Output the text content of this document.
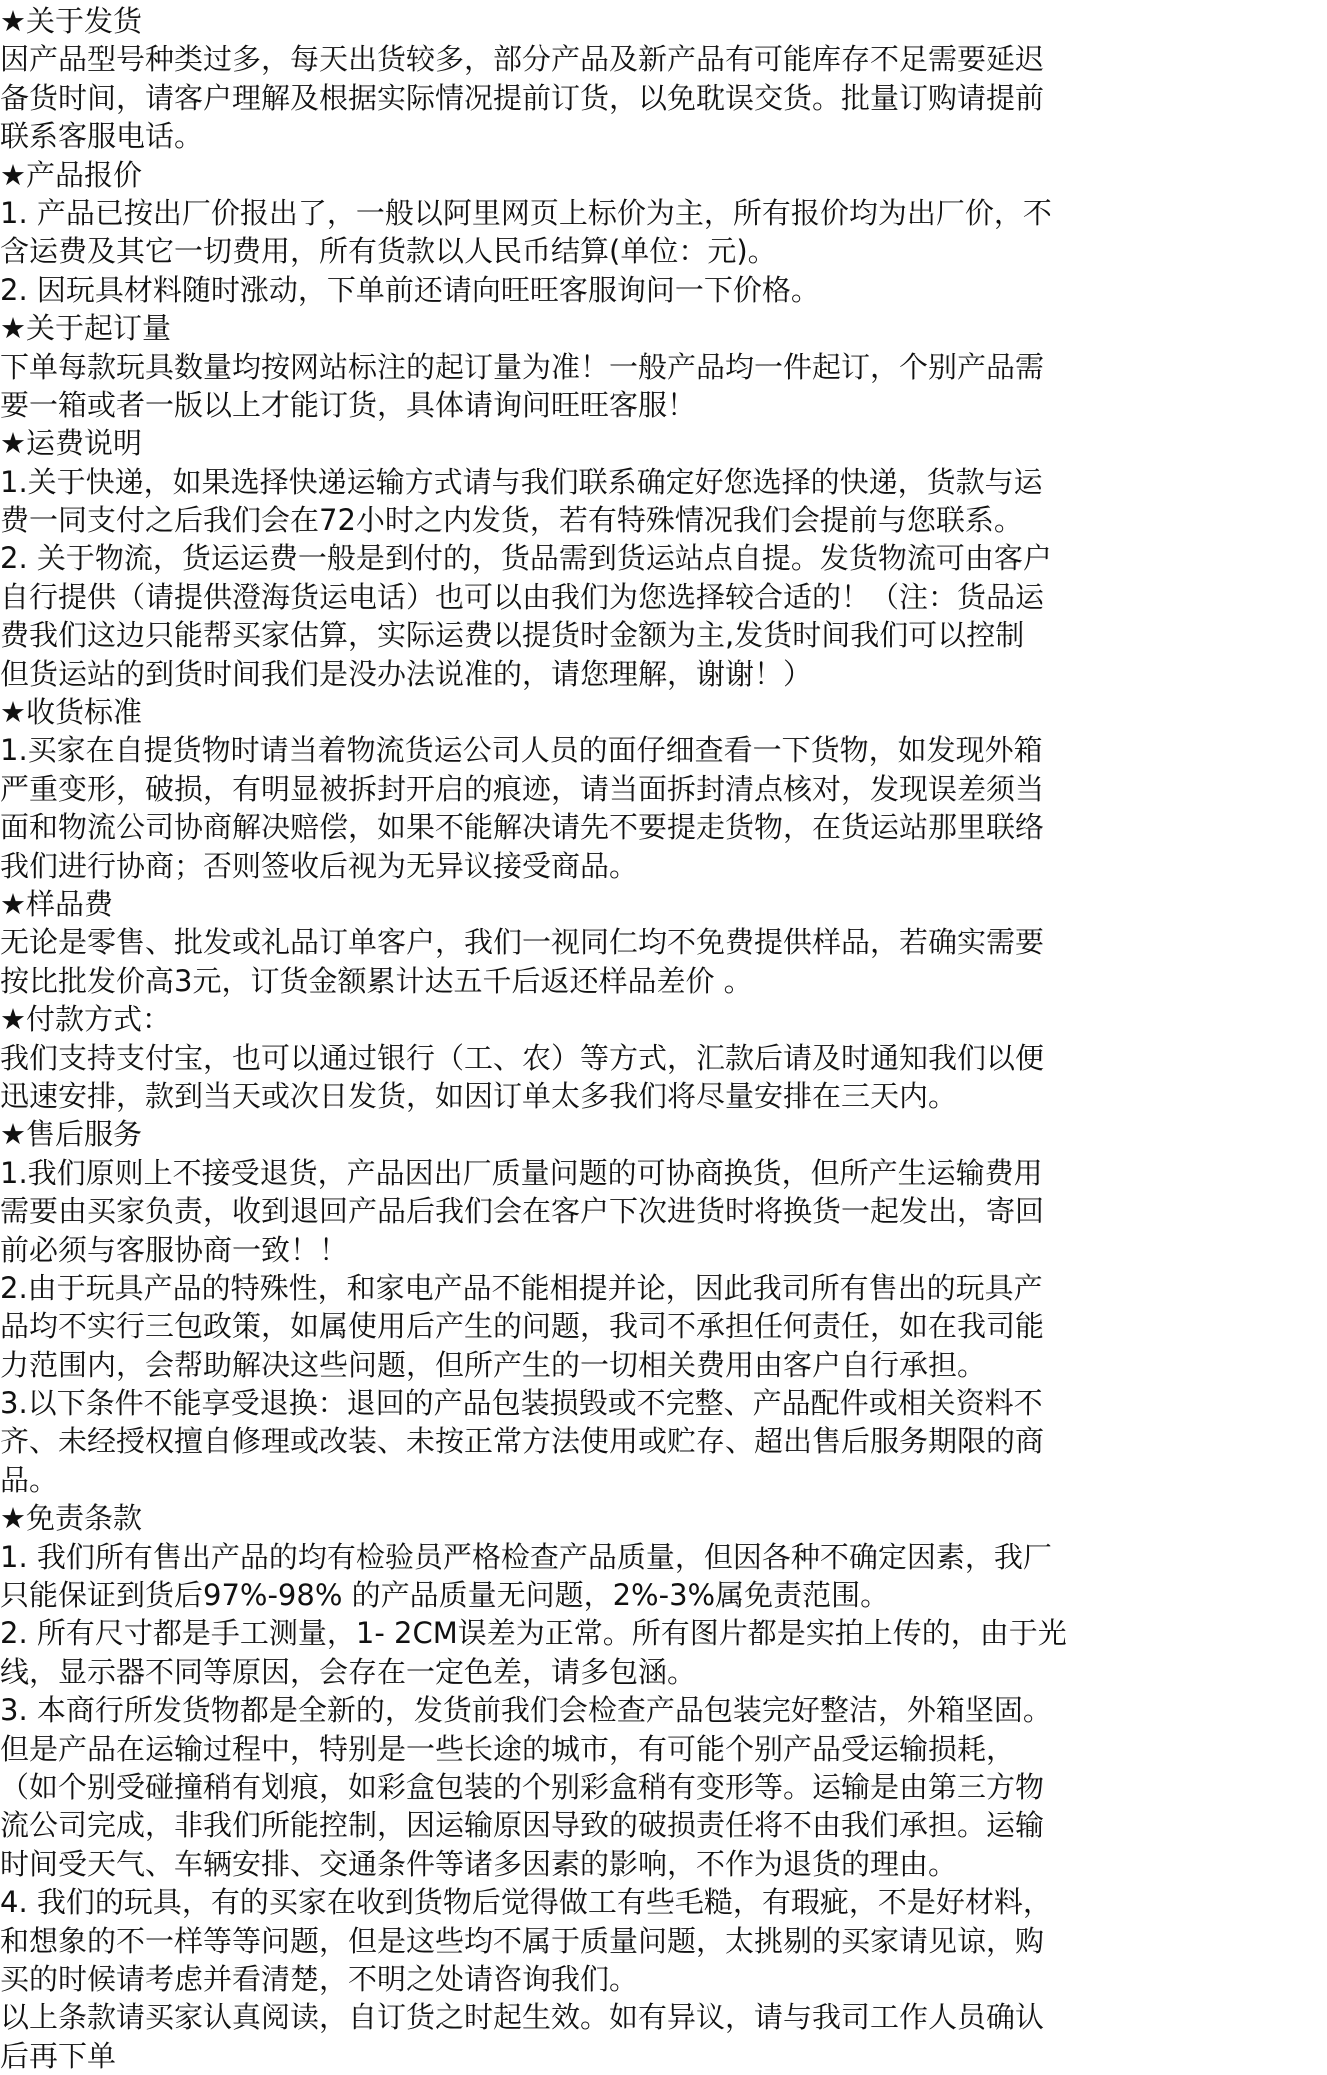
★关于发货
因产品型号种类过多，每天出货较多，部分产品及新产品有可能库存不足需要延迟
备货时间，请客户理解及根据实际情况提前订货，以免耽误交货。批量订购请提前
联系客服电话。
★产品报价
1. 产品已按出厂价报出了，一般以阿里网页上标价为主，所有报价均为出厂价，不
含运费及其它一切费用，所有货款以人民币结算(单位：元)。
2. 因玩具材料随时涨动，下单前还请向旺旺客服询问一下价格。
★关于起订量
下单每款玩具数量均按网站标注的起订量为准！一般产品均一件起订，个别产品需
要一箱或者一版以上才能订货，具体请询问旺旺客服！
★运费说明
1.关于快递，如果选择快递运输方式请与我们联系确定好您选择的快递，货款与运
费一同支付之后我们会在72小时之内发货，若有特殊情况我们会提前与您联系。
2. 关于物流，货运运费一般是到付的，货品需到货运站点自提。发货物流可由客户
自行提供（请提供澄海货运电话）也可以由我们为您选择较合适的！（注：货品运
费我们这边只能帮买家估算，实际运费以提货时金额为主,发货时间我们可以控制
但货运站的到货时间我们是没办法说准的，请您理解，谢谢！）
★收货标准
1.买家在自提货物时请当着物流货运公司人员的面仔细查看一下货物，如发现外箱
严重变形，破损，有明显被拆封开启的痕迹，请当面拆封清点核对，发现误差须当
面和物流公司协商解决赔偿，如果不能解决请先不要提走货物，在货运站那里联络
我们进行协商；否则签收后视为无异议接受商品。
★样品费
无论是零售、批发或礼品订单客户，我们一视同仁均不免费提供样品，若确实需要
按比批发价高3元，订货金额累计达五千后返还样品差价 。
★付款方式：
我们支持支付宝，也可以通过银行（工、农）等方式，汇款后请及时通知我们以便
迅速安排，款到当天或次日发货，如因订单太多我们将尽量安排在三天内。
★售后服务
1.我们原则上不接受退货，产品因出厂质量问题的可协商换货，但所产生运输费用
需要由买家负责，收到退回产品后我们会在客户下次进货时将换货一起发出，寄回
前必须与客服协商一致！！
2.由于玩具产品的特殊性，和家电产品不能相提并论，因此我司所有售出的玩具产
品均不实行三包政策，如属使用后产生的问题，我司不承担任何责任，如在我司能
力范围内，会帮助解决这些问题，但所产生的一切相关费用由客户自行承担。
3.以下条件不能享受退换：退回的产品包装损毁或不完整、产品配件或相关资料不
齐、未经授权擅自修理或改装、未按正常方法使用或贮存、超出售后服务期限的商
品。
★免责条款
1. 我们所有售出产品的均有检验员严格检查产品质量，但因各种不确定因素，我厂
只能保证到货后97%-98% 的产品质量无问题，2%-3%属免责范围。
2. 所有尺寸都是手工测量，1- 2CM误差为正常。所有图片都是实拍上传的，由于光
线，显示器不同等原因，会存在一定色差，请多包涵。
3. 本商行所发货物都是全新的，发货前我们会检查产品包装完好整洁，外箱坚固。
但是产品在运输过程中，特别是一些长途的城市，有可能个别产品受运输损耗，
（如个别受碰撞稍有划痕，如彩盒包装的个别彩盒稍有变形等。运输是由第三方物
流公司完成，非我们所能控制，因运输原因导致的破损责任将不由我们承担。运输
时间受天气、车辆安排、交通条件等诸多因素的影响，不作为退货的理由。
4. 我们的玩具，有的买家在收到货物后觉得做工有些毛糙，有瑕疵，不是好材料，
和想象的不一样等等问题，但是这些均不属于质量问题，太挑剔的买家请见谅，购
买的时候请考虑并看清楚，不明之处请咨询我们。
以上条款请买家认真阅读，自订货之时起生效。如有异议，请与我司工作人员确认
后再下单
